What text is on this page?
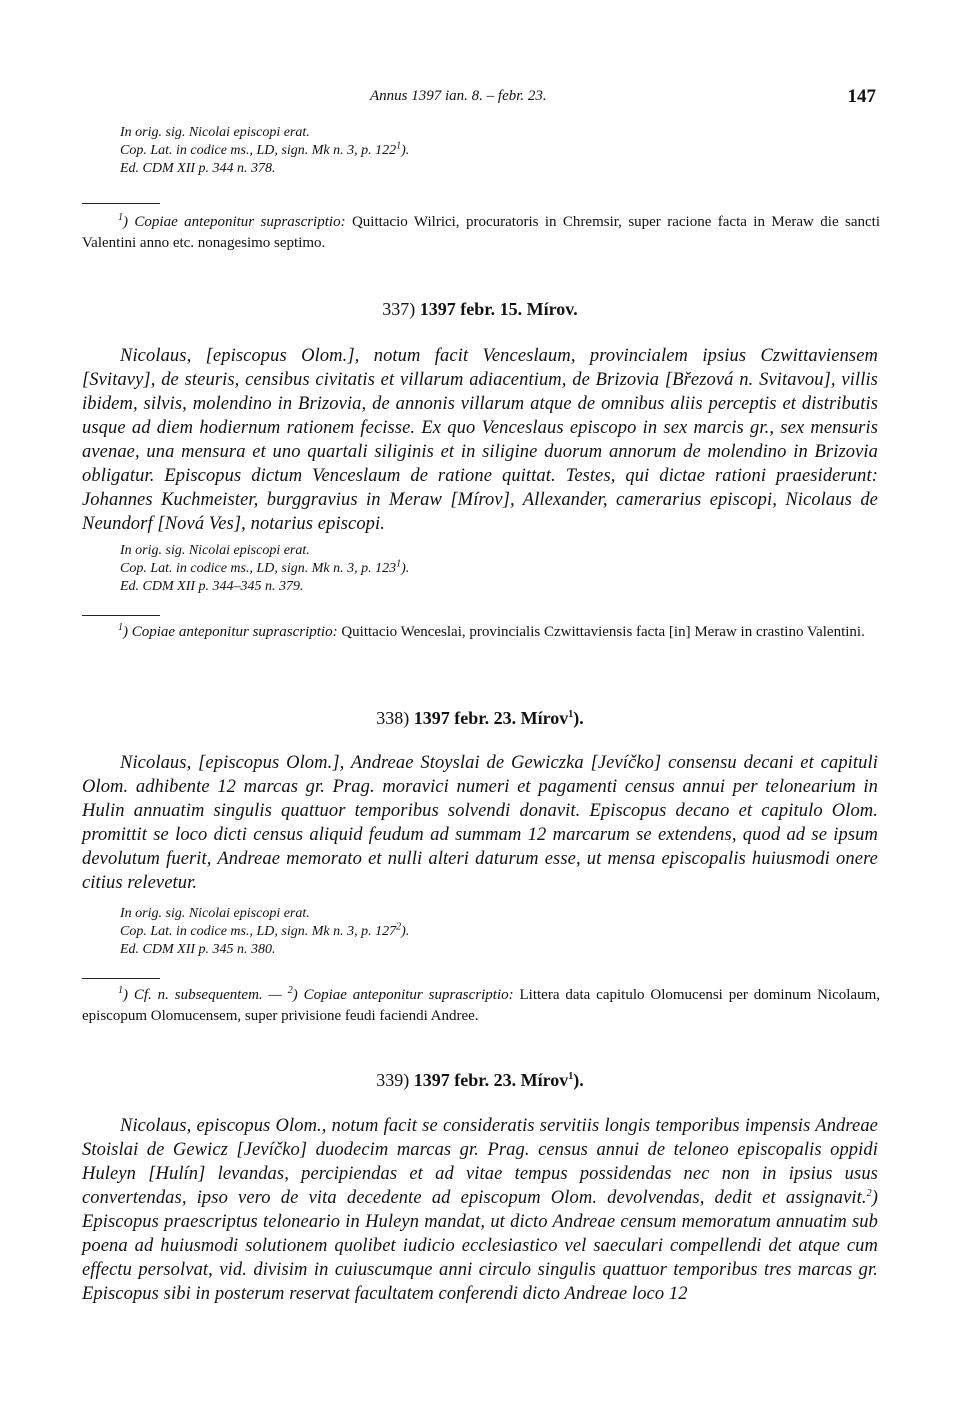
Annus 1397 ian. 8. – febr. 23.	147
In orig. sig. Nicolai episcopi erat.
Cop. Lat. in codice ms., LD, sign. Mk n. 3, p. $122^1$).
Ed. CDM XII p. 344 n. 378.
$^1$) Copiae anteponitur suprascriptio: Quittacio Wilrici, procuratoris in Chremsir, super racione facta in Meraw die sancti Valentini anno etc. nonagesimo septimo.
337) 1397 febr. 15. Mírov.
Nicolaus, [episcopus Olom.], notum facit Venceslaum, provincialem ipsius Czwittaviensem [Svitavy], de steuris, censibus civitatis et villarum adiacentium, de Brizovia [Březová n. Svitavou], villis ibidem, silvis, molendino in Brizovia, de annonis villarum atque de omnibus aliis perceptis et distributis usque ad diem hodiernum rationem fecisse. Ex quo Venceslaus episcopo in sex marcis gr., sex mensuris avenae, una mensura et uno quartali siliginis et in siligine duorum annorum de molendino in Brizovia obligatur. Episcopus dictum Venceslaum de ratione quittat. Testes, qui dictae rationi praesiderunt: Johannes Kuchmeister, burggravius in Meraw [Mírov], Allexander, camerarius episcopi, Nicolaus de Neundorf [Nová Ves], notarius episcopi.
In orig. sig. Nicolai episcopi erat.
Cop. Lat. in codice ms., LD, sign. Mk n. 3, p. $123^1$).
Ed. CDM XII p. 344–345 n. 379.
$^1$) Copiae anteponitur suprascriptio: Quittacio Wenceslai, provincialis Czwittaviensis facta [in] Meraw in crastino Valentini.
338) 1397 febr. 23. Mírov$^1$).
Nicolaus, [episcopus Olom.], Andreae Stoyslai de Gewiczka [Jevíčko] consensu decani et capituli Olom. adhibente 12 marcas gr. Prag. moravici numeri et pagamenti census annui per telonearium in Hulin annuatim singulis quattuor temporibus solvendi donavit. Episcopus decano et capitulo Olom. promittit se loco dicti census aliquid feudum ad summam 12 marcarum se extendens, quod ad se ipsum devolutum fuerit, Andreae memorato et nulli alteri daturum esse, ut mensa episcopalis huiusmodi onere citius relevetur.
In orig. sig. Nicolai episcopi erat.
Cop. Lat. in codice ms., LD, sign. Mk n. 3, p. $127^2$).
Ed. CDM XII p. 345 n. 380.
$^1$) Cf. n. subsequentem. — $^2$) Copiae anteponitur suprascriptio: Littera data capitulo Olomucensi per dominum Nicolaum, episcopum Olomucensem, super privisione feudi faciendi Andree.
339) 1397 febr. 23. Mírov$^1$).
Nicolaus, episcopus Olom., notum facit se consideratis servitiis longis temporibus impensis Andreae Stoislai de Gewicz [Jevíčko] duodecim marcas gr. Prag. census annui de teloneo episcopalis oppidi Huleyn [Hulín] levandas, percipiendas et ad vitae tempus possidendas nec non in ipsius usus convertendas, ipso vero de vita decedente ad episcopum Olom. devolvendas, dedit et assignavit.$^2$) Episcopus praescriptus teloneario in Huleyn mandat, ut dicto Andreae censum memoratum annuatim sub poena ad huiusmodi solutionem quolibet iudicio ecclesiastico vel saeculari compellendi det atque cum effectu persolvat, vid. divisim in cuiuscumque anni circulo singulis quattuor temporibus tres marcas gr. Episcopus sibi in posterum reservat facultatem conferendi dicto Andreae loco 12
